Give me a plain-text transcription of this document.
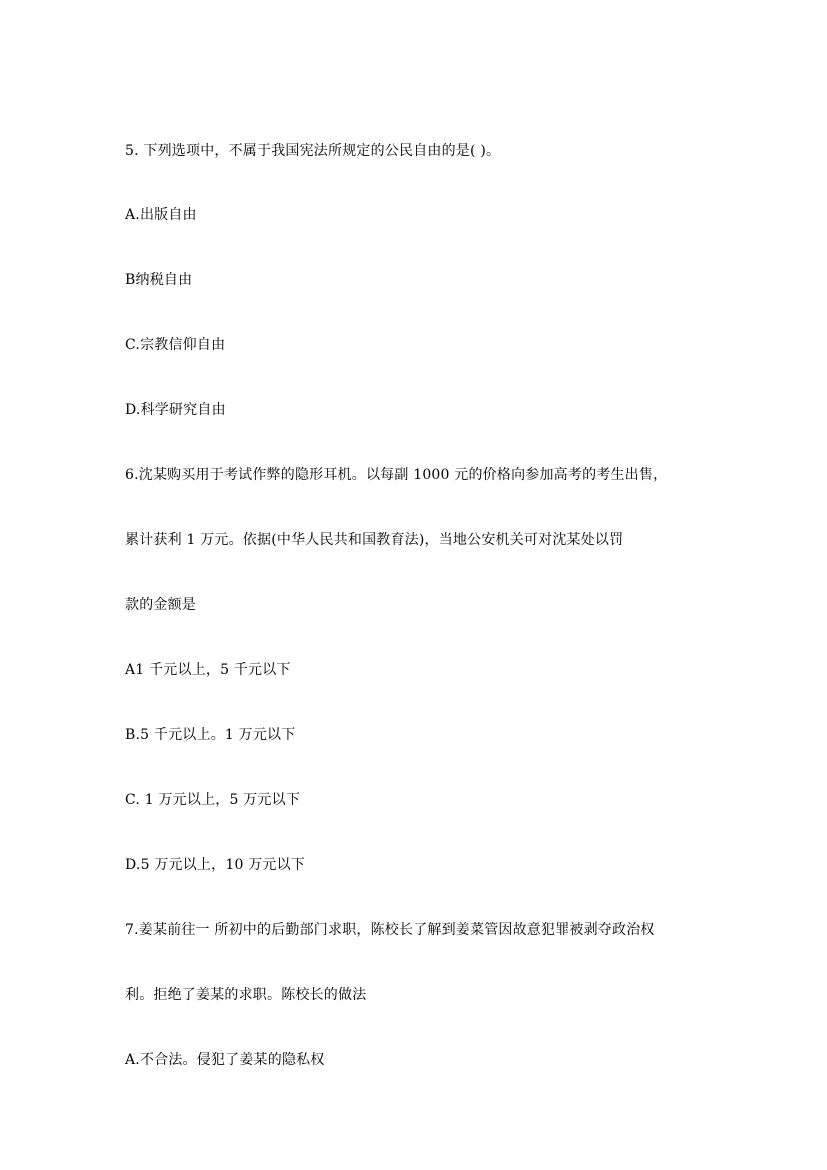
5. 下列选项中，不属于我国宪法所规定的公民自由的是( )。
A.出版自由
B纳税自由
C.宗教信仰自由
D.科学研究自由
6.沈某购买用于考试作弊的隐形耳机。以每副 1000 元的价格向参加高考的考生出售，
累计获利 1 万元。依据(中华人民共和国教育法)，当地公安机关可对沈某处以罚
款的金额是
A1 千元以上，5 千元以下
B.5 千元以上。1 万元以下
C. 1 万元以上，5 万元以下
D.5 万元以上，10 万元以下
7.姜某前往一 所初中的后勤部门求职，陈校长了解到姜菜管因故意犯罪被剥夺政治权
利。拒绝了姜某的求职。陈校长的做法
A.不合法。侵犯了姜某的隐私权
